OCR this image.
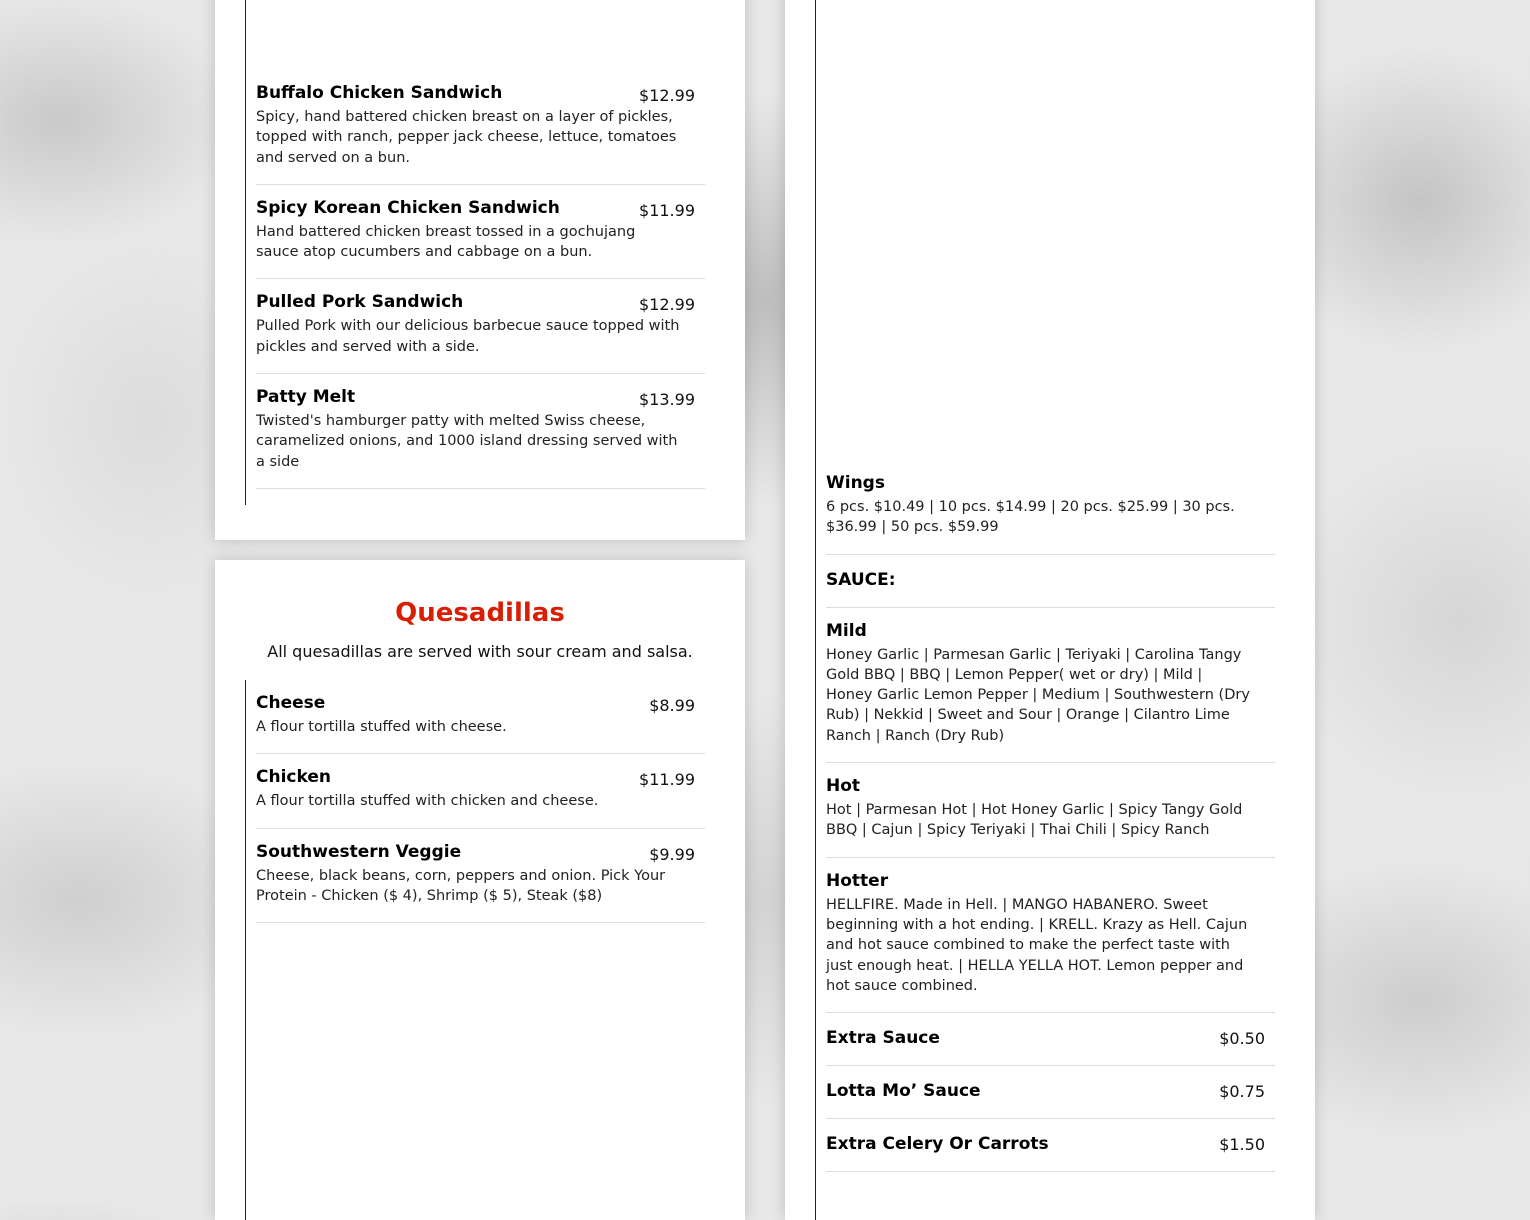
Buffalo Chicken Sandwich	$12.99
Spicy, hand battered chicken breast on a layer of pickles, topped with ranch, pepper jack cheese, lettuce, tomatoes and served on a bun.
Spicy Korean Chicken Sandwich	$11.99
Hand battered chicken breast tossed in a gochujang sauce atop cucumbers and cabbage on a bun.
Pulled Pork Sandwich	$12.99
Pulled Pork with our delicious barbecue sauce topped with pickles and served with a side.
Patty Melt	$13.99
Twisted's hamburger patty with melted Swiss cheese, caramelized onions, and 1000 island dressing served with a side
Quesadillas
All quesadillas are served with sour cream and salsa.
Cheese	$8.99
A flour tortilla stuffed with cheese.
Chicken	$11.99
A flour tortilla stuffed with chicken and cheese.
Southwestern Veggie	$9.99
Cheese, black beans, corn, peppers and onion. Pick Your Protein - Chicken ($ 4), Shrimp ($ 5), Steak ($8)
Wings
6 pcs. $10.49 | 10 pcs. $14.99 | 20 pcs. $25.99 | 30 pcs. $36.99 | 50 pcs. $59.99
SAUCE:
Mild
Honey Garlic | Parmesan Garlic | Teriyaki | Carolina Tangy Gold BBQ | BBQ | Lemon Pepper( wet or dry) | Mild | Honey Garlic Lemon Pepper | Medium | Southwestern (Dry Rub) | Nekkid | Sweet and Sour | Orange | Cilantro Lime Ranch | Ranch (Dry Rub)
Hot
Hot | Parmesan Hot | Hot Honey Garlic | Spicy Tangy Gold BBQ | Cajun | Spicy Teriyaki | Thai Chili | Spicy Ranch
Hotter
HELLFIRE. Made in Hell. | MANGO HABANERO. Sweet beginning with a hot ending. | KRELL. Krazy as Hell. Cajun and hot sauce combined to make the perfect taste with just enough heat. | HELLA YELLA HOT. Lemon pepper and hot sauce combined.
Extra Sauce	$0.50
Lotta Mo’ Sauce	$0.75
Extra Celery Or Carrots	$1.50
